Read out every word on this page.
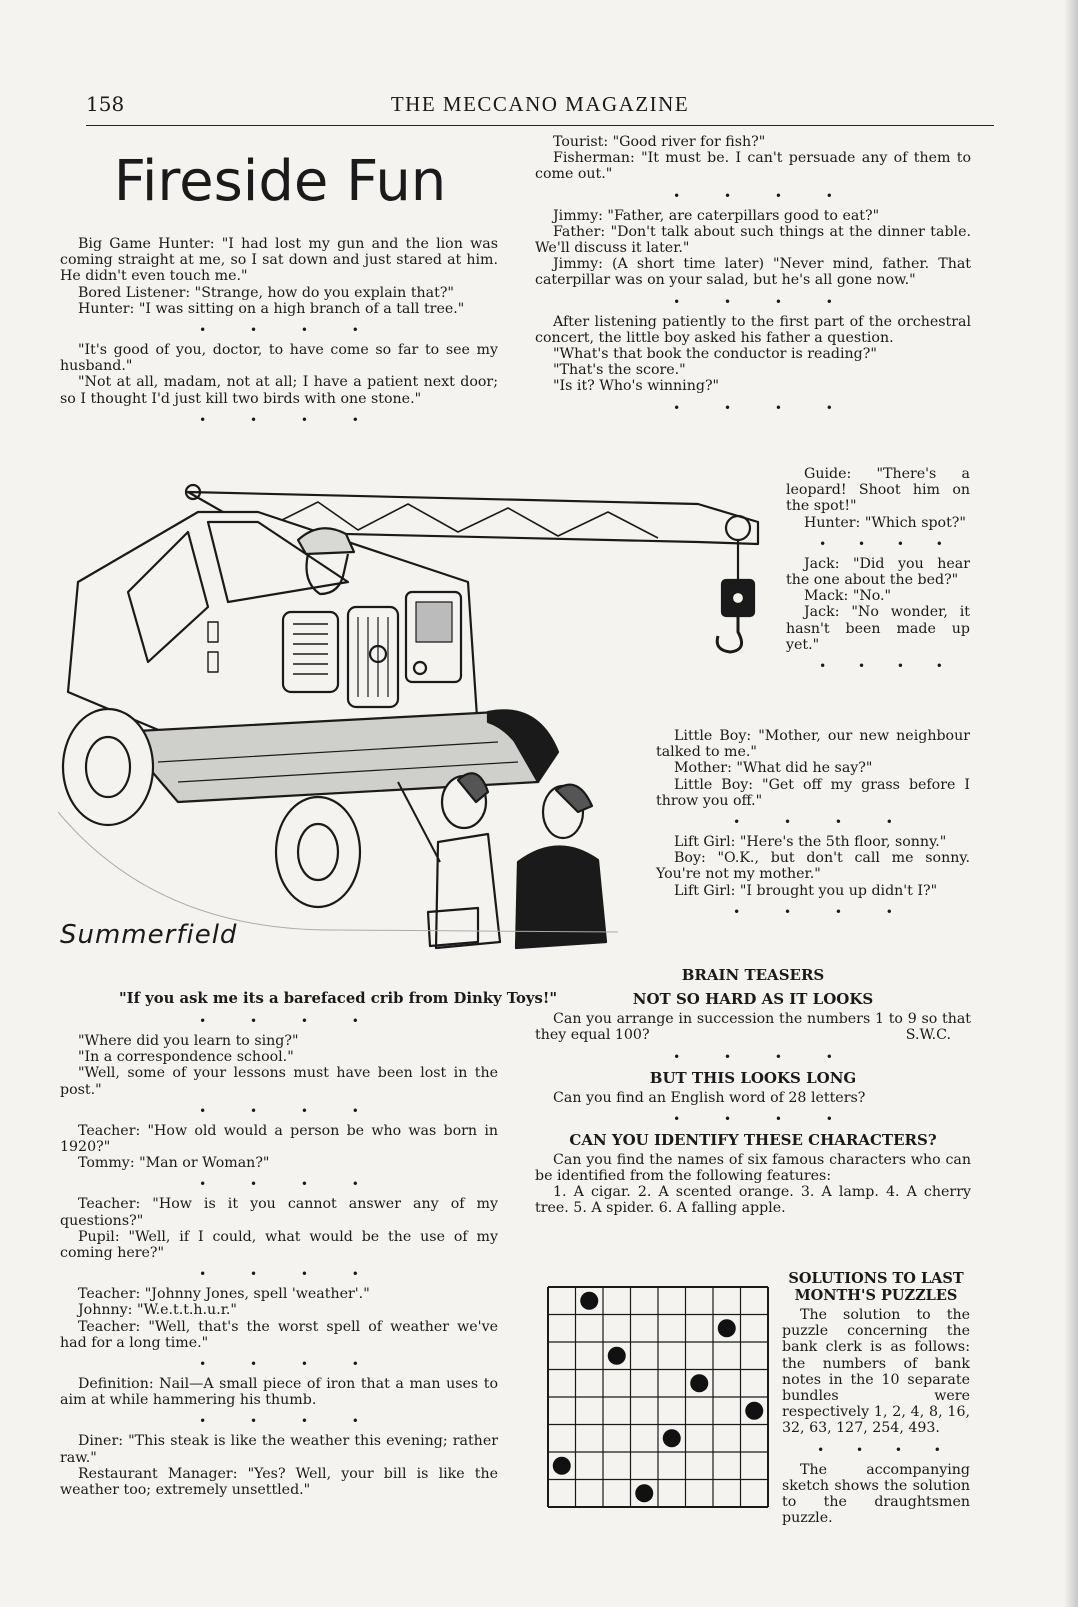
158	THE MECCANO MAGAZINE
Fireside Fun

Big Game Hunter: "I had lost my gun and the lion was coming straight at me, so I sat down and just stared at him. He didn't even touch me."

Bored Listener: "Strange, how do you explain that?"

Hunter: "I was sitting on a high branch of a tall tree."

• • • •

"It's good of you, doctor, to have come so far to see my husband."

"Not at all, madam, not at all; I have a patient next door; so I thought I'd just kill two birds with one stone."

• • • •

Tourist: "Good river for fish?"

Fisherman: "It must be. I can't persuade any of them to come out."

• • • •

Jimmy: "Father, are caterpillars good to eat?"

Father: "Don't talk about such things at the dinner table. We'll discuss it later."

Jimmy: (A short time later) "Never mind, father. That caterpillar was on your salad, but he's all gone now."

• • • •

After listening patiently to the first part of the orchestral concert, the little boy asked his father a question.

"What's that book the conductor is reading?"

"That's the score."

"Is it? Who's winning?"

• • • •

Guide: "There's a leopard! Shoot him on the spot!"

Hunter: "Which spot?"

• • • •

Jack: "Did you hear the one about the bed?"

Mack: "No."

Jack: "No wonder, it hasn't been made up yet."

• • • •

Little Boy: "Mother, our new neighbour talked to me."

Mother: "What did he say?"

Little Boy: "Get off my grass before I throw you off."

• • • •

Lift Girl: "Here's the 5th floor, sonny."

Boy: "O.K., but don't call me sonny. You're not my mother."

Lift Girl: "I brought you up didn't I?"

• • • •
Summerfield
"If you ask me its a barefaced crib from Dinky Toys!"
• • • •

"Where did you learn to sing?"

"In a correspondence school."

"Well, some of your lessons must have been lost in the post."

• • • •

Teacher: "How old would a person be who was born in 1920?"

Tommy: "Man or Woman?"

• • • •

Teacher: "How is it you cannot answer any of my questions?"

Pupil: "Well, if I could, what would be the use of my coming here?"

• • • •

Teacher: "Johnny Jones, spell 'weather'."

Johnny: "W.e.t.t.h.u.r."

Teacher: "Well, that's the worst spell of weather we've had for a long time."

• • • •

Definition: Nail—A small piece of iron that a man uses to aim at while hammering his thumb.

• • • •

Diner: "This steak is like the weather this evening; rather raw."

Restaurant Manager: "Yes? Well, your bill is like the weather too; extremely unsettled."

BRAIN TEASERS
NOT SO HARD AS IT LOOKS

Can you arrange in succession the numbers 1 to 9 so that they equal 100?	S.W.C.
• • • •
BUT THIS LOOKS LONG

Can you find an English word of 28 letters?

• • • •
CAN YOU IDENTIFY THESE CHARACTERS?

Can you find the names of six famous characters who can be identified from the following features:

1. A cigar. 2. A scented orange. 3. A lamp. 4. A cherry tree. 5. A spider. 6. A falling apple.

SOLUTIONS TO LAST MONTH'S PUZZLES

The solution to the puzzle concerning the bank clerk is as follows: the numbers of bank notes in the 10 separate bundles were respectively 1, 2, 4, 8, 16, 32, 63, 127, 254, 493.

• • • •

The accompanying sketch shows the solution to the draughtsmen puzzle.
